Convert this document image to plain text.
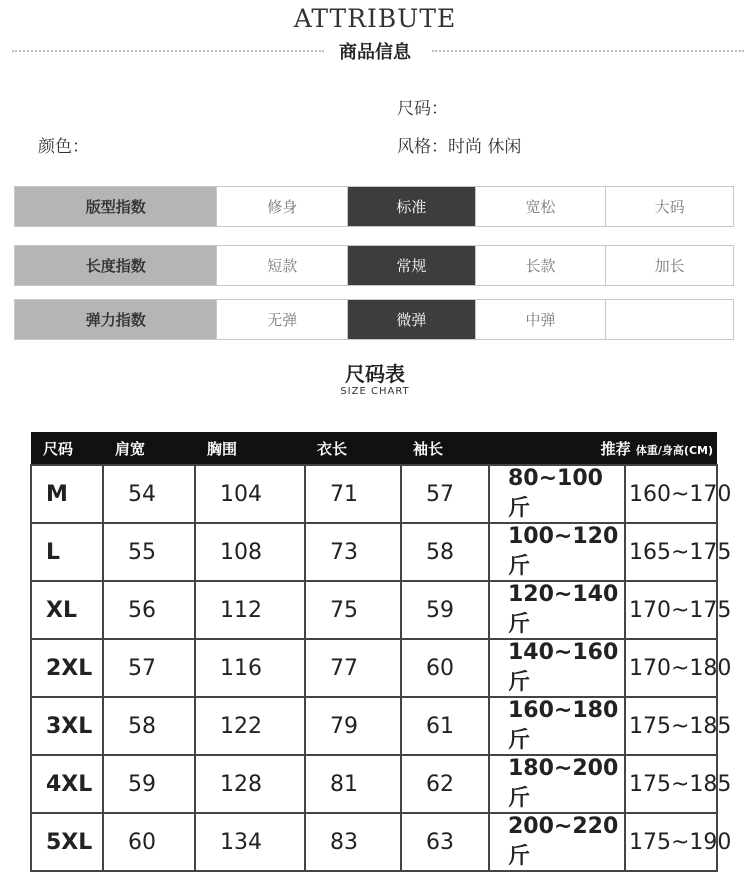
ATTRIBUTE
商品信息
尺码：
颜色：	风格：时尚 休闲
版型指数	修身	标准	宽松	大码
长度指数	短款	常规	长款	加长
弹力指数	无弹	微弹	中弹
尺码表
SIZE CHART
尺码	肩宽	胸围	衣长	袖长	推荐 体重/身高(CM)	
M	54	104	71	57	80~100斤	160~170
L	55	108	73	58	100~120斤	165~175
XL	56	112	75	59	120~140斤	170~175
2XL	57	116	77	60	140~160斤	170~180
3XL	58	122	79	61	160~180斤	175~185
4XL	59	128	81	62	180~200斤	175~185
5XL	60	134	83	63	200~220斤	175~190
